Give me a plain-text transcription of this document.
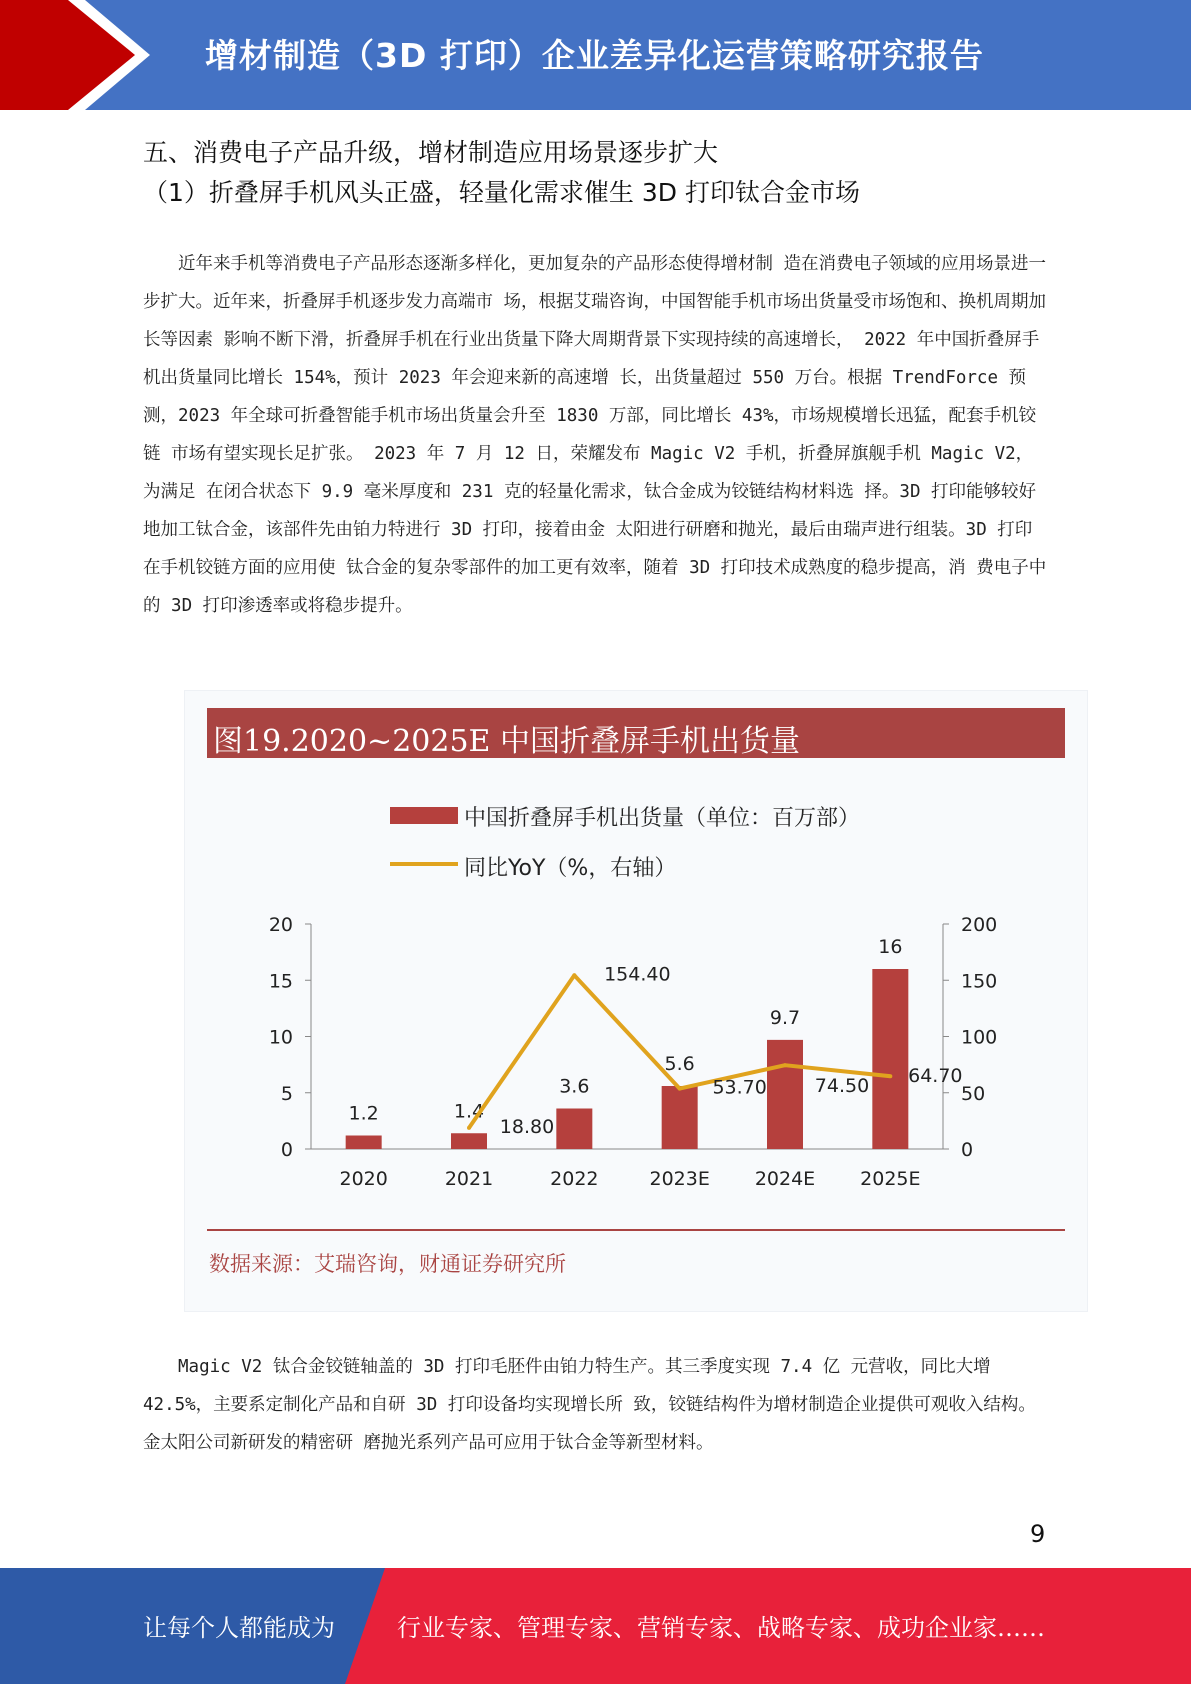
增材制造（3D 打印）企业差异化运营策略研究报告
五、消费电子产品升级，增材制造应用场景逐步扩大
（1）折叠屏手机风头正盛，轻量化需求催生 3D 打印钛合金市场

　　近年来手机等消费电子产品形态逐渐多样化，更加复杂的产品形态使得增材制 造在消费电子领域的应用场景进一步扩大。近年来，折叠屏手机逐步发力高端市 场，根据艾瑞咨询，中国智能手机市场出货量受市场饱和、换机周期加长等因素 影响不断下滑，折叠屏手机在行业出货量下降大周期背景下实现持续的高速增长， 2022 年中国折叠屏手机出货量同比增长 154%，预计 2023 年会迎来新的高速增 长，出货量超过 550 万台。根据 TrendForce 预测，2023 年全球可折叠智能手机市场出货量会升至 1830 万部，同比增长 43%，市场规模增长迅猛，配套手机铰链 市场有望实现长足扩张。 2023 年 7 月 12 日，荣耀发布 Magic V2 手机，折叠屏旗舰手机 Magic V2，为满足 在闭合状态下 9.9 毫米厚度和 231 克的轻量化需求，钛合金成为铰链结构材料选 择。3D 打印能够较好地加工钛合金，该部件先由铂力特进行 3D 打印，接着由金 太阳进行研磨和抛光，最后由瑞声进行组装。3D 打印在手机铰链方面的应用使 钛合金的复杂零部件的加工更有效率，随着 3D 打印技术成熟度的稳步提高，消 费电子中的 3D 打印渗透率或将稳步提升。

图19.2020~2025E 中国折叠屏手机出货量
中国折叠屏手机出货量（单位：百万部）
同比YoY（%，右轴）
0
5
10
15
20
0
50
100
150
200
1.2
2020
1.4
2021
3.6
2022
5.6
2023E
9.7
2024E
16
2025E
18.80
154.40
53.70	74.50 64.70
数据来源：艾瑞咨询，财通证券研究所

　　Magic V2 钛合金铰链轴盖的 3D 打印毛胚件由铂力特生产。其三季度实现 7.4 亿 元营收，同比大增 42.5%，主要系定制化产品和自研 3D 打印设备均实现增长所 致，铰链结构件为增材制造企业提供可观收入结构。金太阳公司新研发的精密研 磨抛光系列产品可应用于钛合金等新型材料。

9
让每个人都能成为	行业专家、管理专家、营销专家、战略专家、成功企业家……
